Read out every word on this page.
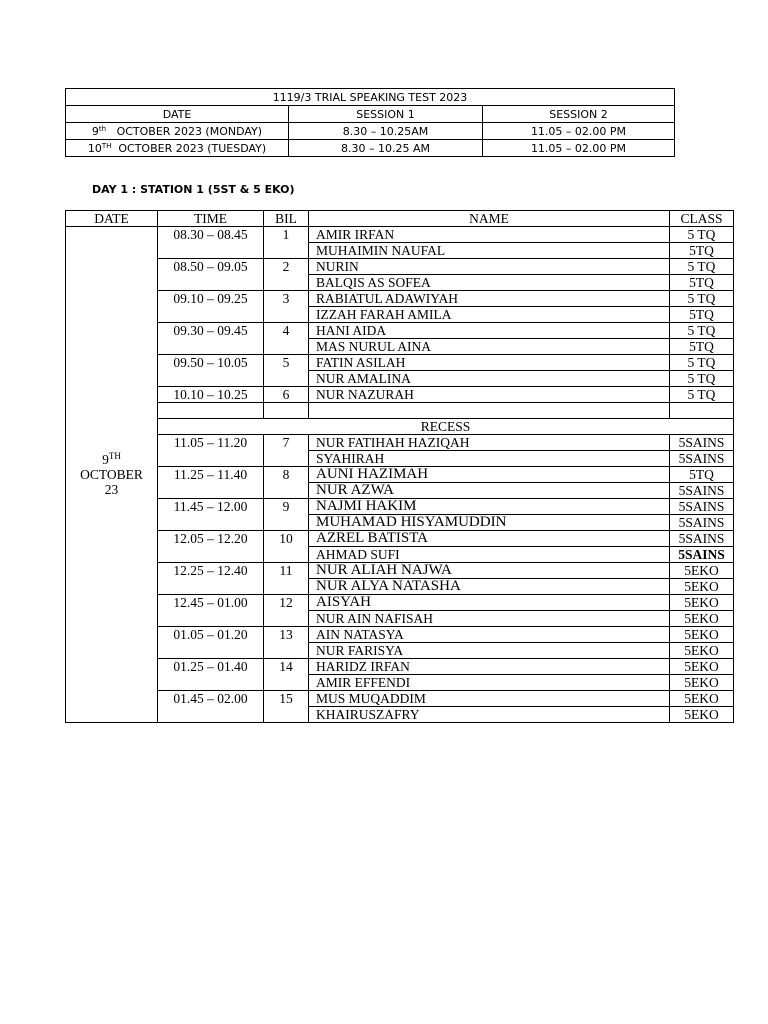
1119/3 TRIAL SPEAKING TEST 2023		
DATE	SESSION 1	SESSION 2
9th OCTOBER 2023 (MONDAY)	8.30 – 10.25AM	11.05 – 02.00 PM
10TH OCTOBER 2023 (TUESDAY)	8.30 – 10.25 AM	11.05 – 02.00 PM
DAY 1 : STATION 1 (5ST & 5 EKO)
DATE	TIME	BIL	NAME	CLASS
9TH
OCTOBER
23	08.30 – 08.45	1	AMIR IRFAN	5 TQ
			MUHAIMIN NAUFAL	5TQ
	08.50 – 09.05	2	NURIN	5 TQ
			BALQIS AS SOFEA	5TQ
	09.10 – 09.25	3	RABIATUL ADAWIYAH	5 TQ
			IZZAH FARAH AMILA	5TQ
	09.30 – 09.45	4	HANI AIDA	5 TQ
			MAS NURUL AINA	5TQ
	09.50 – 10.05	5	FATIN ASILAH	5 TQ
			NUR AMALINA	5 TQ
	10.10 – 10.25	6	NUR NAZURAH	5 TQ

	RECESS			
	11.05 – 11.20	7	NUR FATIHAH HAZIQAH	5SAINS
			SYAHIRAH	5SAINS
	11.25 – 11.40	8	AUNI HAZIMAH	5TQ
			NUR AZWA	5SAINS
	11.45 – 12.00	9	NAJMI HAKIM	5SAINS
			MUHAMAD HISYAMUDDIN	5SAINS
	12.05 – 12.20	10	AZREL BATISTA	5SAINS
			AHMAD SUFI	5SAINS
	12.25 – 12.40	11	NUR ALIAH NAJWA	5EKO
			NUR ALYA NATASHA	5EKO
	12.45 – 01.00	12	AISYAH	5EKO
			NUR AIN NAFISAH	5EKO
	01.05 – 01.20	13	AIN NATASYA	5EKO
			NUR FARISYA	5EKO
	01.25 – 01.40	14	HARIDZ IRFAN	5EKO
			AMIR EFFENDI	5EKO
	01.45 – 02.00	15	MUS MUQADDIM	5EKO
			KHAIRUSZAFRY	5EKO
